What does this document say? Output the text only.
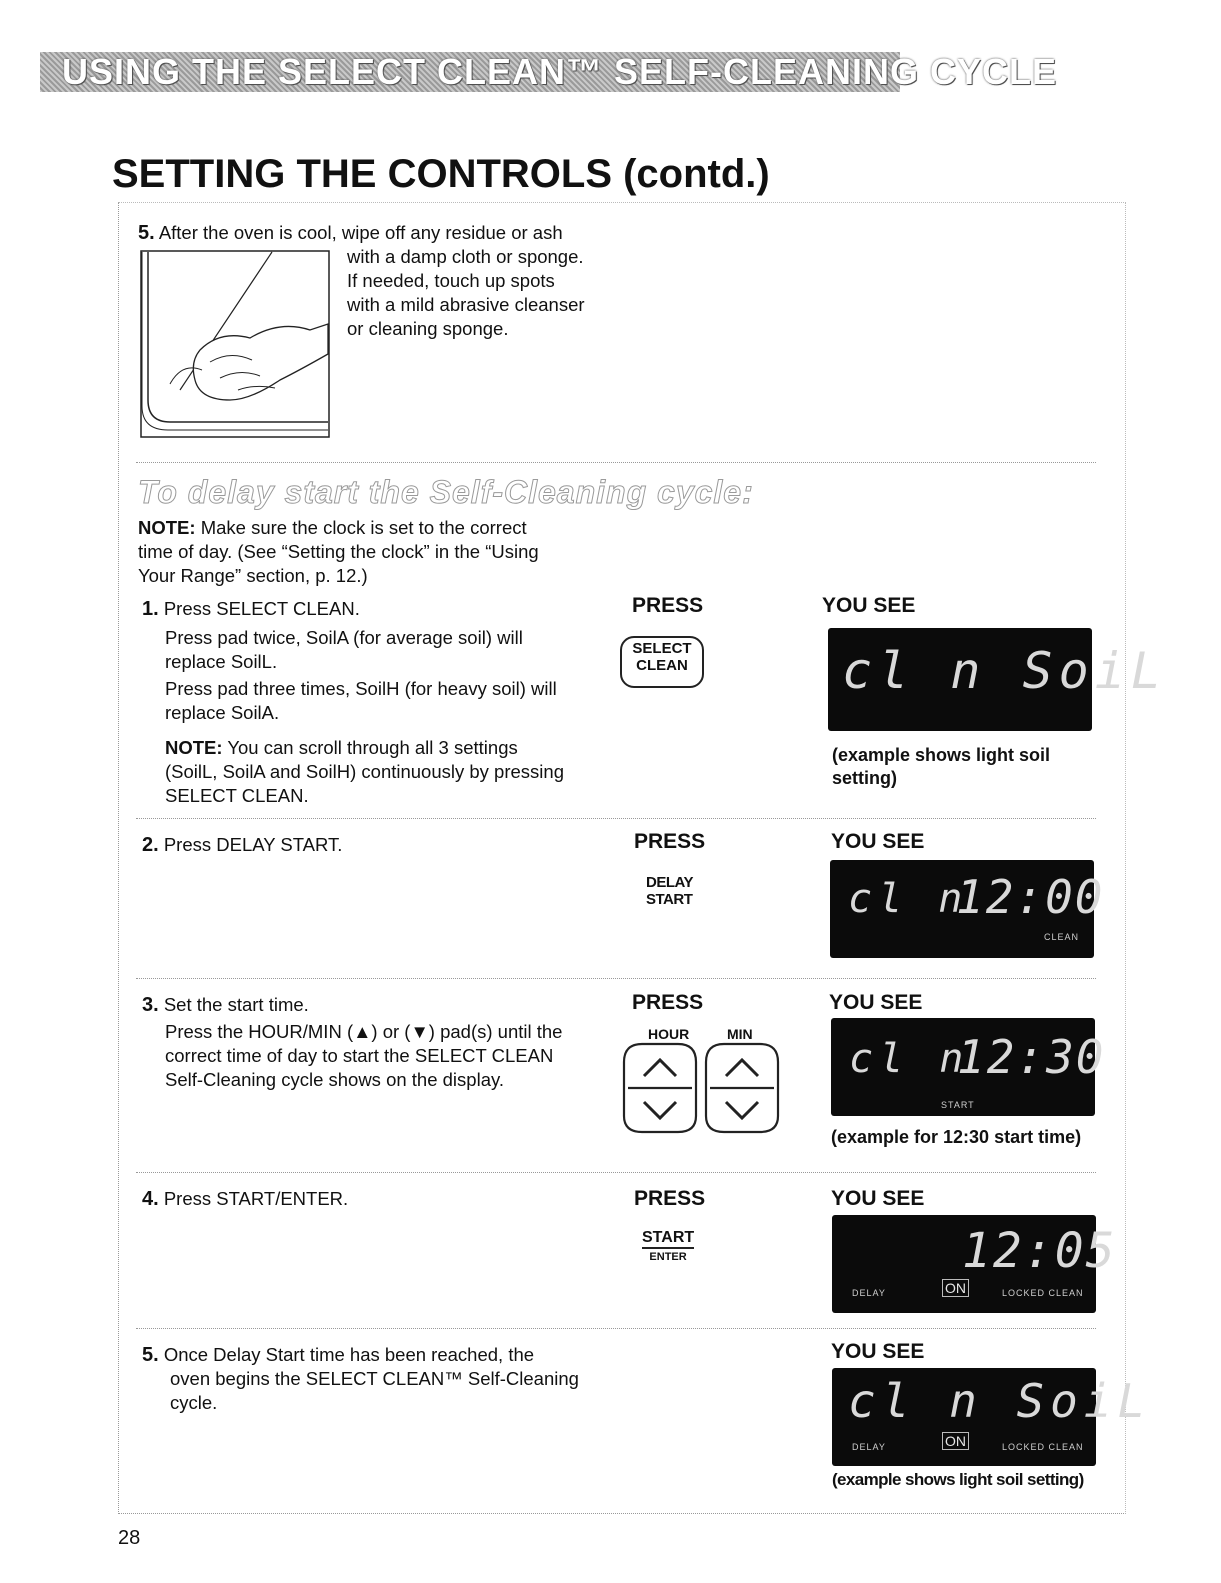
USING THE SELECT CLEAN™ SELF-CLEANING CYCLE
SETTING THE CONTROLS (contd.)
5. After the oven is cool, wipe off any residue or ash
with a damp cloth or sponge.
If needed, touch up spots
with a mild abrasive cleanser
or cleaning sponge.
To delay start the Self-Cleaning cycle:
NOTE: Make sure the clock is set to the correct
time of day. (See “Setting the clock” in the “Using
Your Range” section, p. 12.)
1. Press SELECT CLEAN.
Press pad twice, SoilA (for average soil) will
replace SoilL.
Press pad three times, SoilH (for heavy soil) will
replace SoilA.
NOTE: You can scroll through all 3 settings
(SoilL, SoilA and SoilH) continuously by pressing
SELECT CLEAN.
PRESS
SELECT
CLEAN
YOU SEE
cl n SoiL
(example shows light soil
setting)
2. Press DELAY START.	PRESS
DELAY
START
YOU SEE
cl n
12:00
CLEAN
3. Set the start time.
Press the HOUR/MIN (▲) or (▼) pad(s) until the
correct time of day to start the SELECT CLEAN
Self-Cleaning cycle shows on the display.
PRESS
HOUR	MIN
YOU SEE
cl n
12:30
START
(example for 12:30 start time)
4. Press START/ENTER.	PRESS
START
ENTER
YOU SEE
12:05
DELAY	ON	LOCKED CLEAN
5. Once Delay Start time has been reached, the
oven begins the SELECT CLEAN™ Self-Cleaning
cycle.
YOU SEE
cl n SoiL
DELAY	ON	LOCKED CLEAN
(example shows light soil setting)
28
